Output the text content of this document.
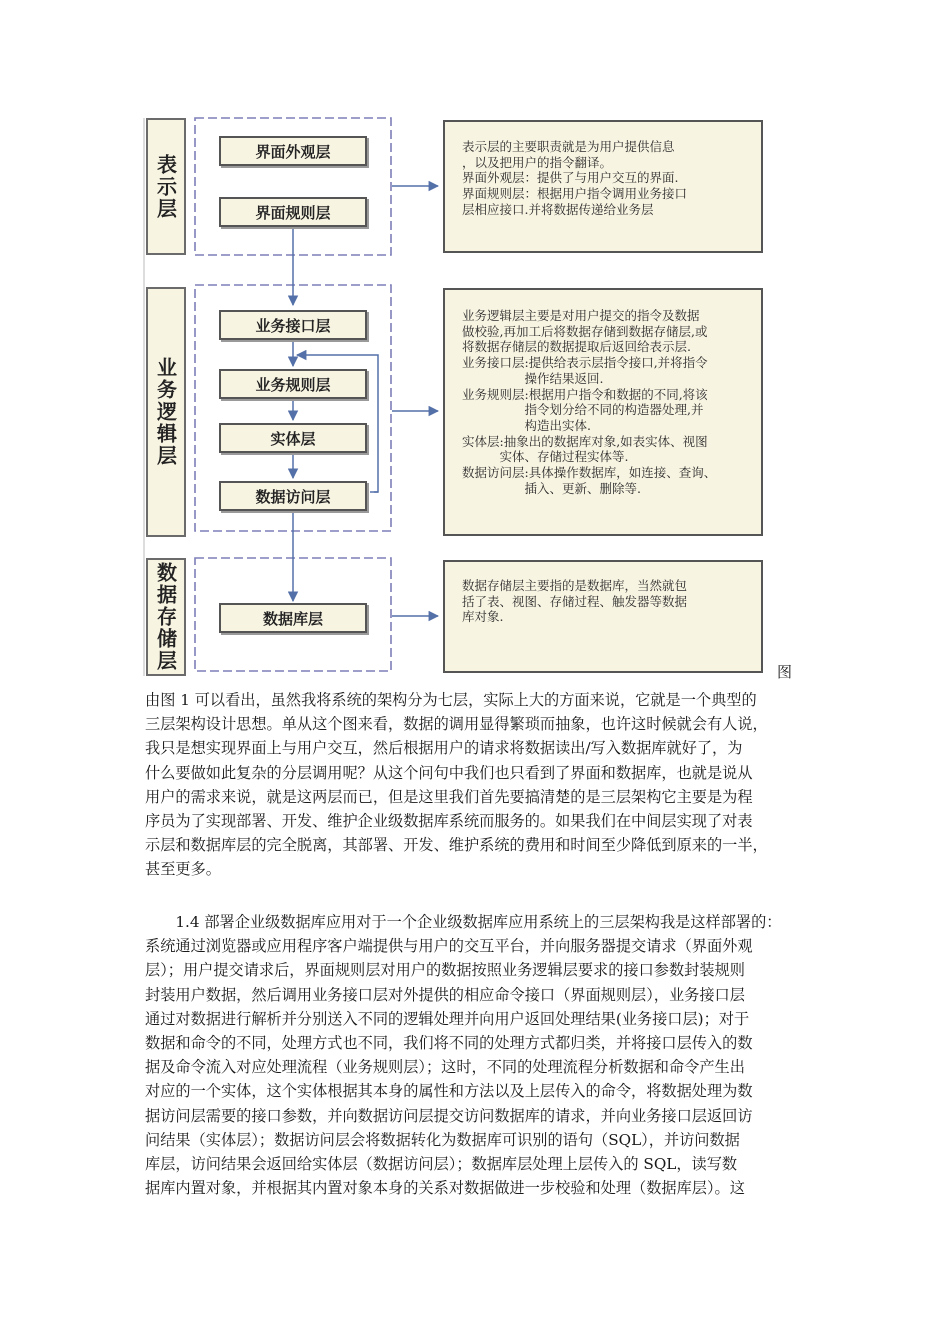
表示层
业务逻辑层
数据存储层
界面外观层
界面规则层
业务接口层
业务规则层
实体层
数据访问层
数据库层
表示层的主要职责就是为用户提供信息
，以及把用户的指令翻译。
界面外观层：提供了与用户交互的界面.
界面规则层：根据用户指令调用业务接口
层相应接口.并将数据传递给业务层
业务逻辑层主要是对用户提交的指令及数据
做校验,再加工后将数据存储到数据存储层,或
将数据存储层的数据提取后返回给表示层.
业务接口层:提供给表示层指令接口,并将指令
　　　　　操作结果返回.
业务规则层:根据用户指令和数据的不同,将该
　　　　　指令划分给不同的构造器处理,并
　　　　　构造出实体.
实体层:抽象出的数据库对象,如表实体、视图
　　　实体、存储过程实体等.
数据访问层:具体操作数据库，如连接、查询、
　　　　　插入、更新、删除等.
数据存储层主要指的是数据库，当然就包
括了表、视图、存储过程、触发器等数据
库对象.
图
由图 1 可以看出，虽然我将系统的架构分为七层，实际上大的方面来说，它就是一个典型的
三层架构设计思想。单从这个图来看，数据的调用显得繁琐而抽象，也许这时候就会有人说，
我只是想实现界面上与用户交互，然后根据用户的请求将数据读出/写入数据库就好了，为
什么要做如此复杂的分层调用呢？从这个问句中我们也只看到了界面和数据库，也就是说从
用户的需求来说，就是这两层而已，但是这里我们首先要搞清楚的是三层架构它主要是为程
序员为了实现部署、开发、维护企业级数据库系统而服务的。如果我们在中间层实现了对表
示层和数据库层的完全脱离，其部署、开发、维护系统的费用和时间至少降低到原来的一半，
甚至更多。
　　1.4 部署企业级数据库应用对于一个企业级数据库应用系统上的三层架构我是这样部署的：
系统通过浏览器或应用程序客户端提供与用户的交互平台，并向服务器提交请求（界面外观
层）；用户提交请求后，界面规则层对用户的数据按照业务逻辑层要求的接口参数封装规则
封装用户数据，然后调用业务接口层对外提供的相应命令接口（界面规则层），业务接口层
通过对数据进行解析并分别送入不同的逻辑处理并向用户返回处理结果(业务接口层)；对于
数据和命令的不同，处理方式也不同，我们将不同的处理方式都归类，并将接口层传入的数
据及命令流入对应处理流程（业务规则层）；这时，不同的处理流程分析数据和命令产生出
对应的一个实体，这个实体根据其本身的属性和方法以及上层传入的命令，将数据处理为数
据访问层需要的接口参数，并向数据访问层提交访问数据库的请求，并向业务接口层返回访
问结果（实体层）；数据访问层会将数据转化为数据库可识别的语句（SQL），并访问数据
库层，访问结果会返回给实体层（数据访问层）；数据库层处理上层传入的 SQL，读写数
据库内置对象，并根据其内置对象本身的关系对数据做进一步校验和处理（数据库层）。这
